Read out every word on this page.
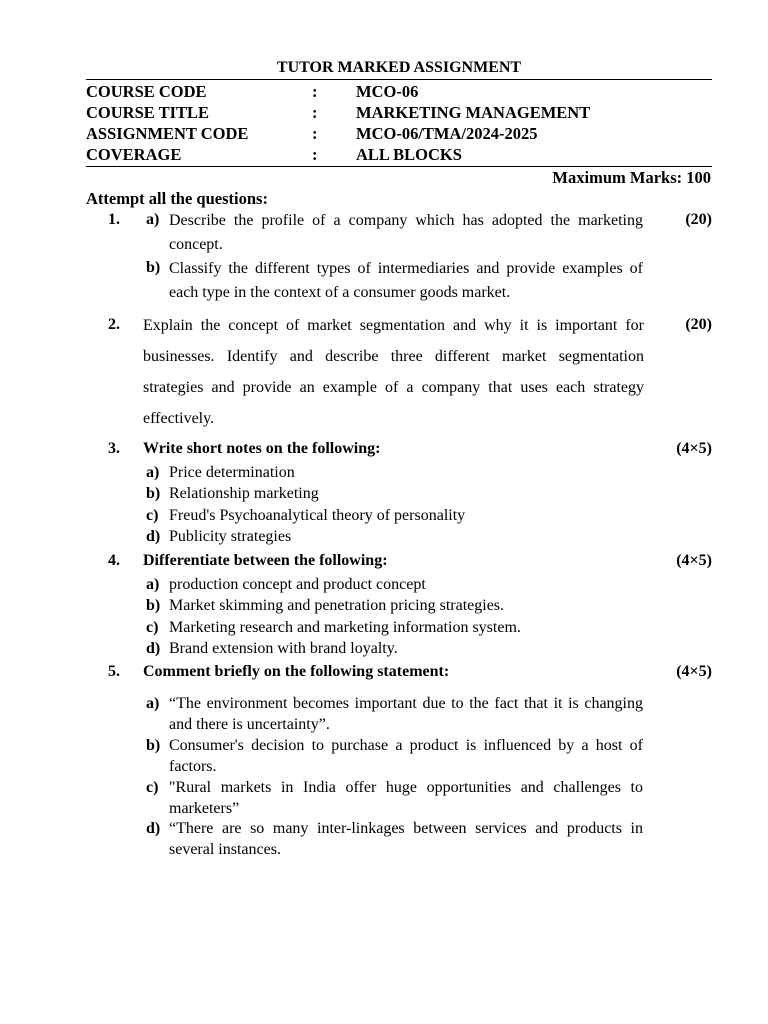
TUTOR MARKED ASSIGNMENT
COURSE CODE	: MCO-06
COURSE TITLE	: MARKETING MANAGEMENT
ASSIGNMENT CODE	: MCO-06/TMA/2024-2025
COVERAGE	: ALL BLOCKS
Maximum Marks: 100
Attempt all the questions:
1.	(20)
a) Describe the profile of a company which has adopted the marketing concept.
b) Classify the different types of intermediaries and provide examples of each type in the context of a consumer goods market.
2.	(20)
Explain the concept of market segmentation and why it is important for businesses. Identify and describe three different market segmentation strategies and provide an example of a company that uses each strategy effectively.
3. Write short notes on the following:	(4×5)
a) Price determination
b) Relationship marketing
c) Freud's Psychoanalytical theory of personality
d) Publicity strategies
4. Differentiate between the following:	(4×5)
a) production concept and product concept
b) Market skimming and penetration pricing strategies.
c) Marketing research and marketing information system.
d) Brand extension with brand loyalty.
5. Comment briefly on the following statement:	(4×5)
a) “The environment becomes important due to the fact that it is changing and there is uncertainty”.
b) Consumer's decision to purchase a product is influenced by a host of factors.
c) "Rural markets in India offer huge opportunities and challenges to marketers”
d) “There are so many inter-linkages between services and products in several instances.
